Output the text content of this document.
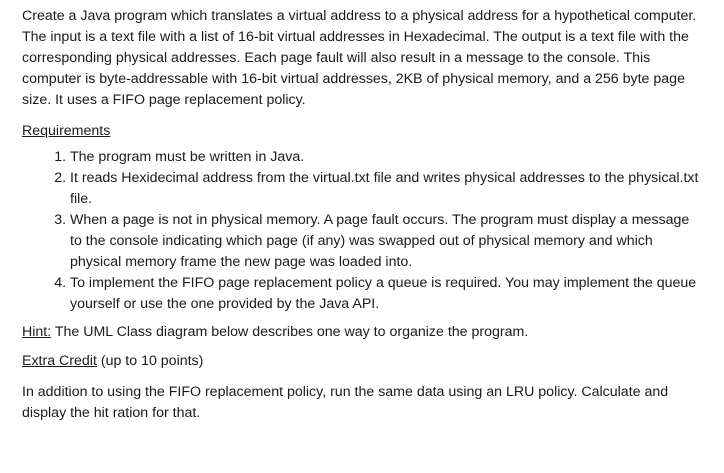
Create a Java program which translates a virtual address to a physical address for a hypothetical computer. The input is a text file with a list of 16-bit virtual addresses in Hexadecimal. The output is a text file with the corresponding physical addresses. Each page fault will also result in a message to the console. This computer is byte-addressable with 16-bit virtual addresses, 2KB of physical memory, and a 256 byte page size. It uses a FIFO page replacement policy.

Requirements

1. The program must be written in Java.
2. It reads Hexidecimal address from the virtual.txt file and writes physical addresses to the physical.txt file.
3. When a page is not in physical memory. A page fault occurs. The program must display a message to the console indicating which page (if any) was swapped out of physical memory and which physical memory frame the new page was loaded into.
4. To implement the FIFO page replacement policy a queue is required. You may implement the queue yourself or use the one provided by the Java API.

Hint: The UML Class diagram below describes one way to organize the program.

Extra Credit (up to 10 points)

In addition to using the FIFO replacement policy, run the same data using an LRU policy. Calculate and display the hit ration for that.
